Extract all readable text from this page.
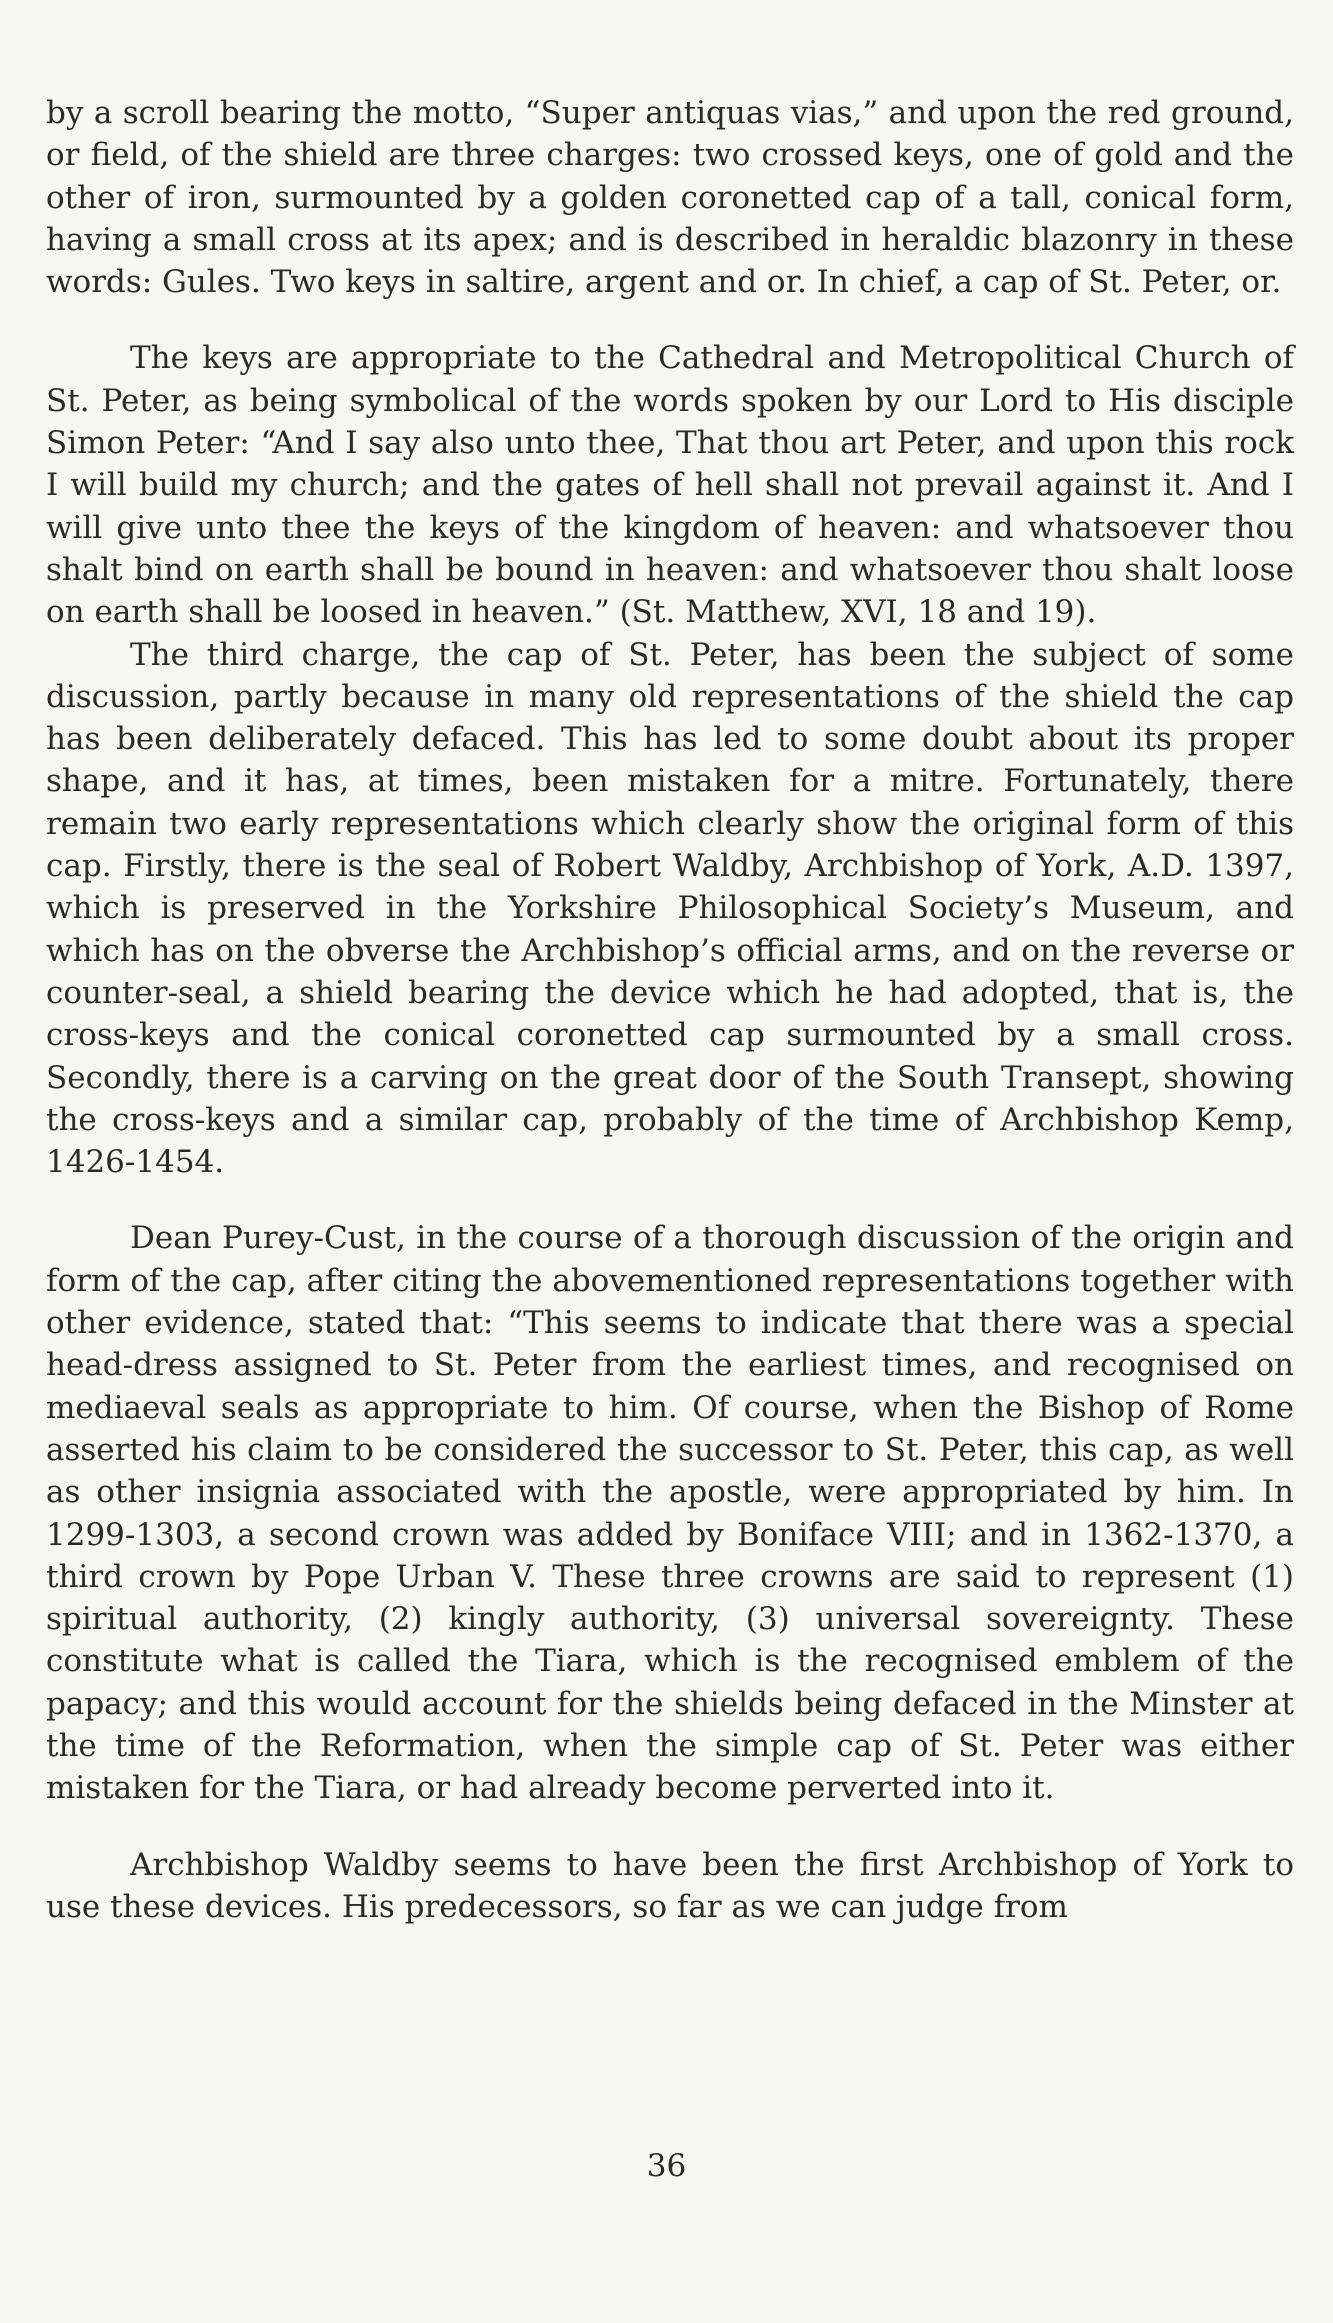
by a scroll bearing the motto, “Super antiquas vias,” and upon the red ground, or field, of the shield are three charges: two crossed keys, one of gold and the other of iron, surmounted by a golden coronetted cap of a tall, conical form, having a small cross at its apex; and is described in heraldic blazonry in these words: Gules. Two keys in saltire, argent and or. In chief, a cap of St. Peter, or.

The keys are appropriate to the Cathedral and Metropolitical Church of St. Peter, as being symbolical of the words spoken by our Lord to His disciple Simon Peter: “And I say also unto thee, That thou art Peter, and upon this rock I will build my church; and the gates of hell shall not prevail against it. And I will give unto thee the keys of the kingdom of heaven: and whatsoever thou shalt bind on earth shall be bound in heaven: and whatsoever thou shalt loose on earth shall be loosed in heaven.” (St. Matthew, XVI, 18 and 19).

The third charge, the cap of St. Peter, has been the subject of some discussion, partly because in many old representations of the shield the cap has been deliberately defaced. This has led to some doubt about its proper shape, and it has, at times, been mistaken for a mitre. Fortunately, there remain two early representations which clearly show the original form of this cap. Firstly, there is the seal of Robert Waldby, Archbishop of York, A.D. 1397, which is preserved in the Yorkshire Philosophical Society’s Museum, and which has on the obverse the Archbishop’s official arms, and on the reverse or counter-seal, a shield bearing the device which he had adopted, that is, the cross-keys and the conical coronetted cap surmounted by a small cross. Secondly, there is a carving on the great door of the South Transept, showing the cross-keys and a similar cap, probably of the time of Archbishop Kemp, 1426-1454.

Dean Purey-Cust, in the course of a thorough discussion of the origin and form of the cap, after citing the abovementioned representations together with other evidence, stated that: “This seems to indicate that there was a special head-dress assigned to St. Peter from the earliest times, and recognised on mediaeval seals as appropriate to him. Of course, when the Bishop of Rome asserted his claim to be considered the successor to St. Peter, this cap, as well as other insignia associated with the apostle, were appropriated by him. In 1299-1303, a second crown was added by Boniface VIII; and in 1362-1370, a third crown by Pope Urban V. These three crowns are said to represent (1) spiritual authority, (2) kingly authority, (3) universal sovereignty. These constitute what is called the Tiara, which is the recognised emblem of the papacy; and this would account for the shields being defaced in the Minster at the time of the Reformation, when the simple cap of St. Peter was either mistaken for the Tiara, or had already become perverted into it.

Archbishop Waldby seems to have been the first Archbishop of York to use these devices. His predecessors, so far as we can judge from

36
